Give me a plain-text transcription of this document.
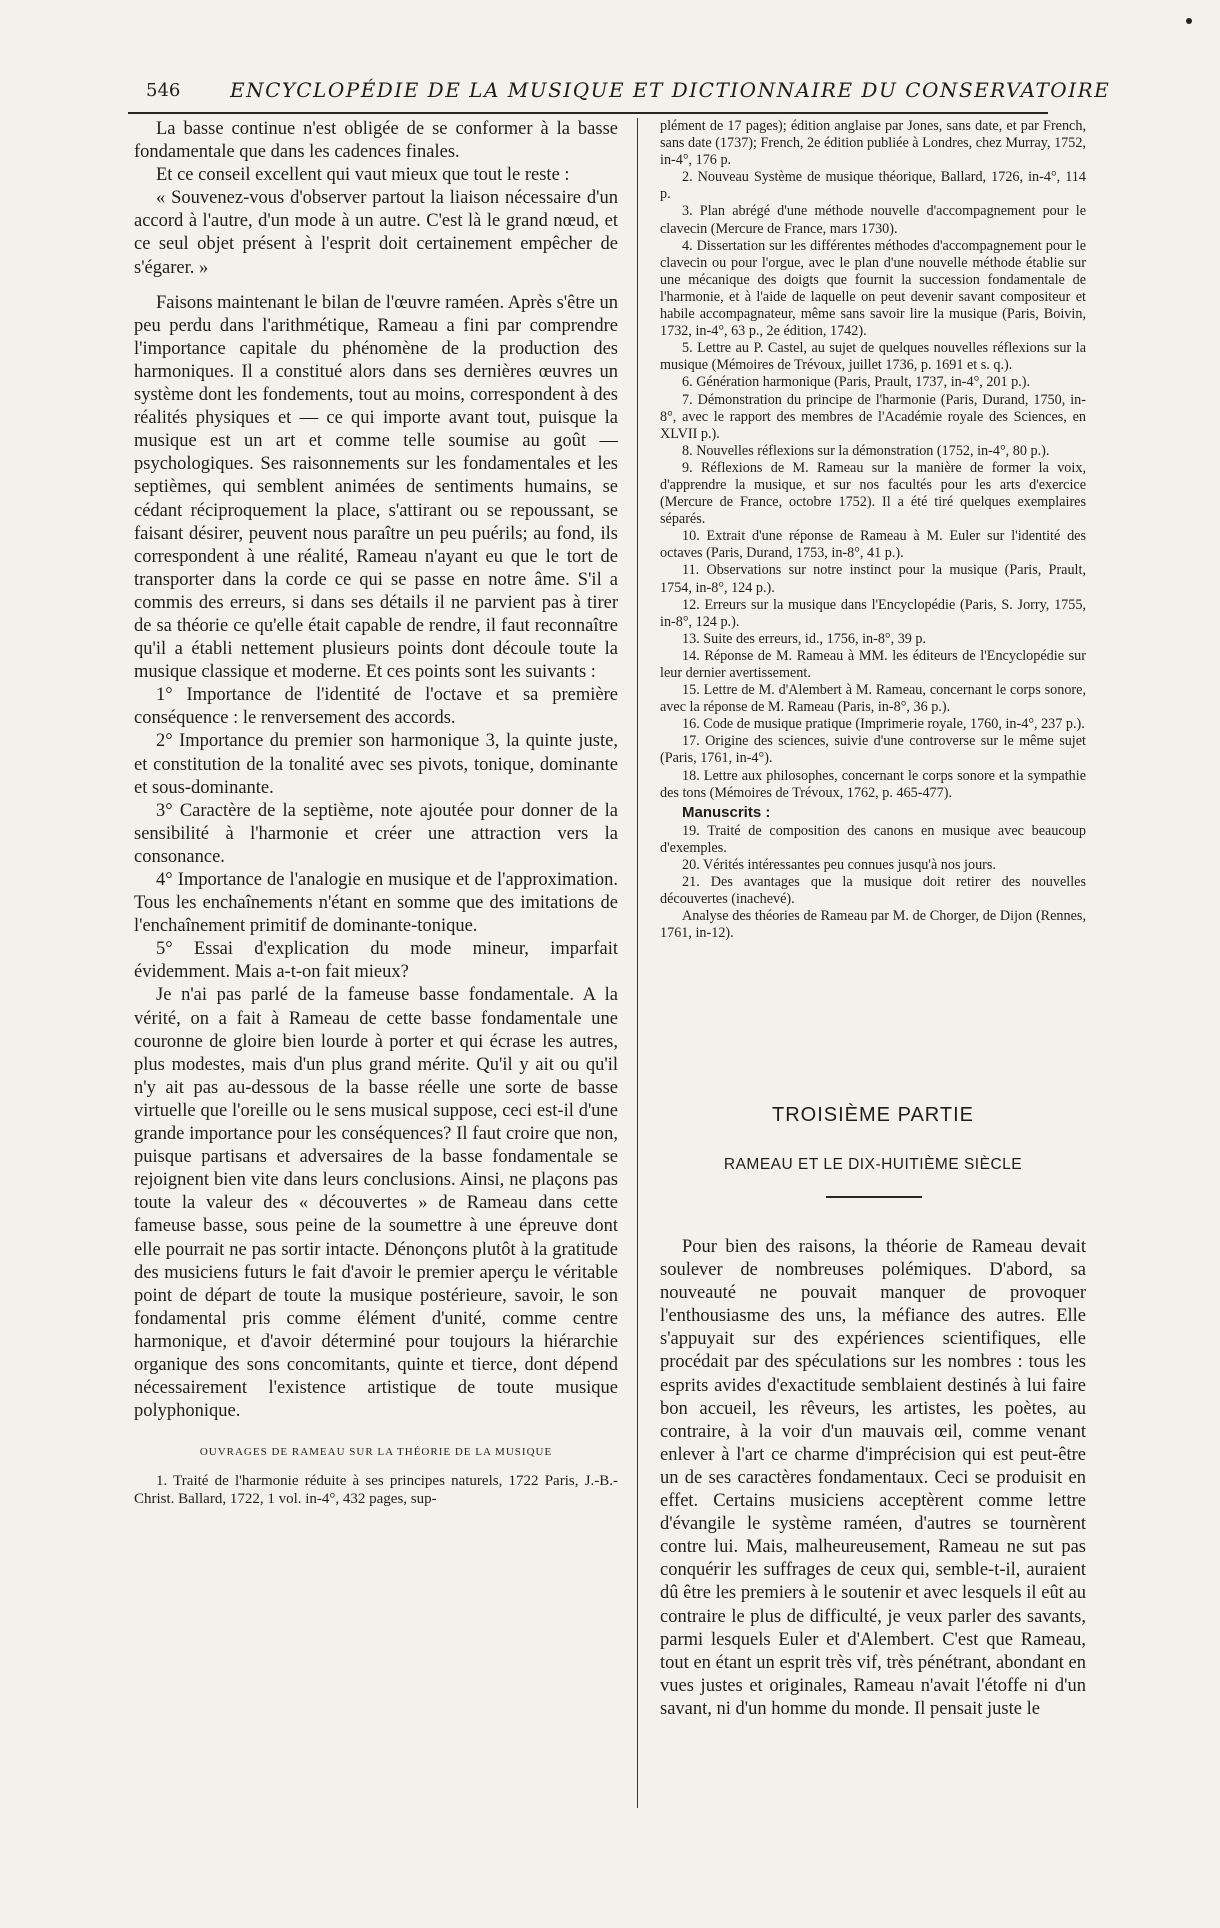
546 ENCYCLOPÉDIE DE LA MUSIQUE ET DICTIONNAIRE DU CONSERVATOIRE

La basse continue n'est obligée de se conformer à la basse fondamentale que dans les cadences finales.

Et ce conseil excellent qui vaut mieux que tout le reste :

« Souvenez-vous d'observer partout la liaison nécessaire d'un accord à l'autre, d'un mode à un autre. C'est là le grand nœud, et ce seul objet présent à l'esprit doit certainement empêcher de s'égarer. »

Faisons maintenant le bilan de l'œuvre raméen. Après s'être un peu perdu dans l'arithmétique, Rameau a fini par comprendre l'importance capitale du phénomène de la production des harmoniques. Il a constitué alors dans ses dernières œuvres un système dont les fondements, tout au moins, correspondent à des réalités physiques et — ce qui importe avant tout, puisque la musique est un art et comme telle soumise au goût — psychologiques. Ses raisonnements sur les fondamentales et les septièmes, qui semblent animées de sentiments humains, se cédant réciproquement la place, s'attirant ou se repoussant, se faisant désirer, peuvent nous paraître un peu puérils; au fond, ils correspondent à une réalité, Rameau n'ayant eu que le tort de transporter dans la corde ce qui se passe en notre âme. S'il a commis des erreurs, si dans ses détails il ne parvient pas à tirer de sa théorie ce qu'elle était capable de rendre, il faut reconnaître qu'il a établi nettement plusieurs points dont découle toute la musique classique et moderne. Et ces points sont les suivants :

1° Importance de l'identité de l'octave et sa première conséquence : le renversement des accords.

2° Importance du premier son harmonique 3, la quinte juste, et constitution de la tonalité avec ses pivots, tonique, dominante et sous-dominante.

3° Caractère de la septième, note ajoutée pour donner de la sensibilité à l'harmonie et créer une attraction vers la consonance.

4° Importance de l'analogie en musique et de l'approximation. Tous les enchaînements n'étant en somme que des imitations de l'enchaînement primitif de dominante-tonique.

5° Essai d'explication du mode mineur, imparfait évidemment. Mais a-t-on fait mieux?

Je n'ai pas parlé de la fameuse basse fondamentale. A la vérité, on a fait à Rameau de cette basse fondamentale une couronne de gloire bien lourde à porter et qui écrase les autres, plus modestes, mais d'un plus grand mérite. Qu'il y ait ou qu'il n'y ait pas au-dessous de la basse réelle une sorte de basse virtuelle que l'oreille ou le sens musical suppose, ceci est-il d'une grande importance pour les conséquences? Il faut croire que non, puisque partisans et adversaires de la basse fondamentale se rejoignent bien vite dans leurs conclusions. Ainsi, ne plaçons pas toute la valeur des « découvertes » de Rameau dans cette fameuse basse, sous peine de la soumettre à une épreuve dont elle pourrait ne pas sortir intacte. Dénonçons plutôt à la gratitude des musiciens futurs le fait d'avoir le premier aperçu le véritable point de départ de toute la musique postérieure, savoir, le son fondamental pris comme élément d'unité, comme centre harmonique, et d'avoir déterminé pour toujours la hiérarchie organique des sons concomitants, quinte et tierce, dont dépend nécessairement l'existence artistique de toute musique polyphonique.

OUVRAGES DE RAMEAU SUR LA THÉORIE DE LA MUSIQUE

1. Traité de l'harmonie réduite à ses principes naturels, 1722 Paris, J.-B.-Christ. Ballard, 1722, 1 vol. in-4°, 432 pages, sup-

plément de 17 pages); édition anglaise par Jones, sans date, et par French, sans date (1737); French, 2e édition publiée à Londres, chez Murray, 1752, in-4°, 176 p.

2. Nouveau Système de musique théorique, Ballard, 1726, in-4°, 114 p.

3. Plan abrégé d'une méthode nouvelle d'accompagnement pour le clavecin (Mercure de France, mars 1730).

4. Dissertation sur les différentes méthodes d'accompagnement pour le clavecin ou pour l'orgue, avec le plan d'une nouvelle méthode établie sur une mécanique des doigts que fournit la succession fondamentale de l'harmonie, et à l'aide de laquelle on peut devenir savant compositeur et habile accompagnateur, même sans savoir lire la musique (Paris, Boivin, 1732, in-4°, 63 p., 2e édition, 1742).

5. Lettre au P. Castel, au sujet de quelques nouvelles réflexions sur la musique (Mémoires de Trévoux, juillet 1736, p. 1691 et s. q.).

6. Génération harmonique (Paris, Prault, 1737, in-4°, 201 p.).

7. Démonstration du principe de l'harmonie (Paris, Durand, 1750, in-8°, avec le rapport des membres de l'Académie royale des Sciences, en XLVII p.).

8. Nouvelles réflexions sur la démonstration (1752, in-4°, 80 p.).

9. Réflexions de M. Rameau sur la manière de former la voix, d'apprendre la musique, et sur nos facultés pour les arts d'exercice (Mercure de France, octobre 1752). Il a été tiré quelques exemplaires séparés.

10. Extrait d'une réponse de Rameau à M. Euler sur l'identité des octaves (Paris, Durand, 1753, in-8°, 41 p.).

11. Observations sur notre instinct pour la musique (Paris, Prault, 1754, in-8°, 124 p.).

12. Erreurs sur la musique dans l'Encyclopédie (Paris, S. Jorry, 1755, in-8°, 124 p.).

13. Suite des erreurs, id., 1756, in-8°, 39 p.

14. Réponse de M. Rameau à MM. les éditeurs de l'Encyclopédie sur leur dernier avertissement.

15. Lettre de M. d'Alembert à M. Rameau, concernant le corps sonore, avec la réponse de M. Rameau (Paris, in-8°, 36 p.).

16. Code de musique pratique (Imprimerie royale, 1760, in-4°, 237 p.).

17. Origine des sciences, suivie d'une controverse sur le même sujet (Paris, 1761, in-4°).

18. Lettre aux philosophes, concernant le corps sonore et la sympathie des tons (Mémoires de Trévoux, 1762, p. 465-477).

Manuscrits :

19. Traité de composition des canons en musique avec beaucoup d'exemples.

20. Vérités intéressantes peu connues jusqu'à nos jours.

21. Des avantages que la musique doit retirer des nouvelles découvertes (inachevé).

Analyse des théories de Rameau par M. de Chorger, de Dijon (Rennes, 1761, in-12).

TROISIÈME PARTIE
RAMEAU ET LE DIX-HUITIÈME SIÈCLE

Pour bien des raisons, la théorie de Rameau devait soulever de nombreuses polémiques. D'abord, sa nouveauté ne pouvait manquer de provoquer l'enthousiasme des uns, la méfiance des autres. Elle s'appuyait sur des expériences scientifiques, elle procédait par des spéculations sur les nombres : tous les esprits avides d'exactitude semblaient destinés à lui faire bon accueil, les rêveurs, les artistes, les poètes, au contraire, à la voir d'un mauvais œil, comme venant enlever à l'art ce charme d'imprécision qui est peut-être un de ses caractères fondamentaux. Ceci se produisit en effet. Certains musiciens acceptèrent comme lettre d'évangile le système raméen, d'autres se tournèrent contre lui. Mais, malheureusement, Rameau ne sut pas conquérir les suffrages de ceux qui, semble-t-il, auraient dû être les premiers à le soutenir et avec lesquels il eût au contraire le plus de difficulté, je veux parler des savants, parmi lesquels Euler et d'Alembert. C'est que Rameau, tout en étant un esprit très vif, très pénétrant, abondant en vues justes et originales, Rameau n'avait l'étoffe ni d'un savant, ni d'un homme du monde. Il pensait juste le
